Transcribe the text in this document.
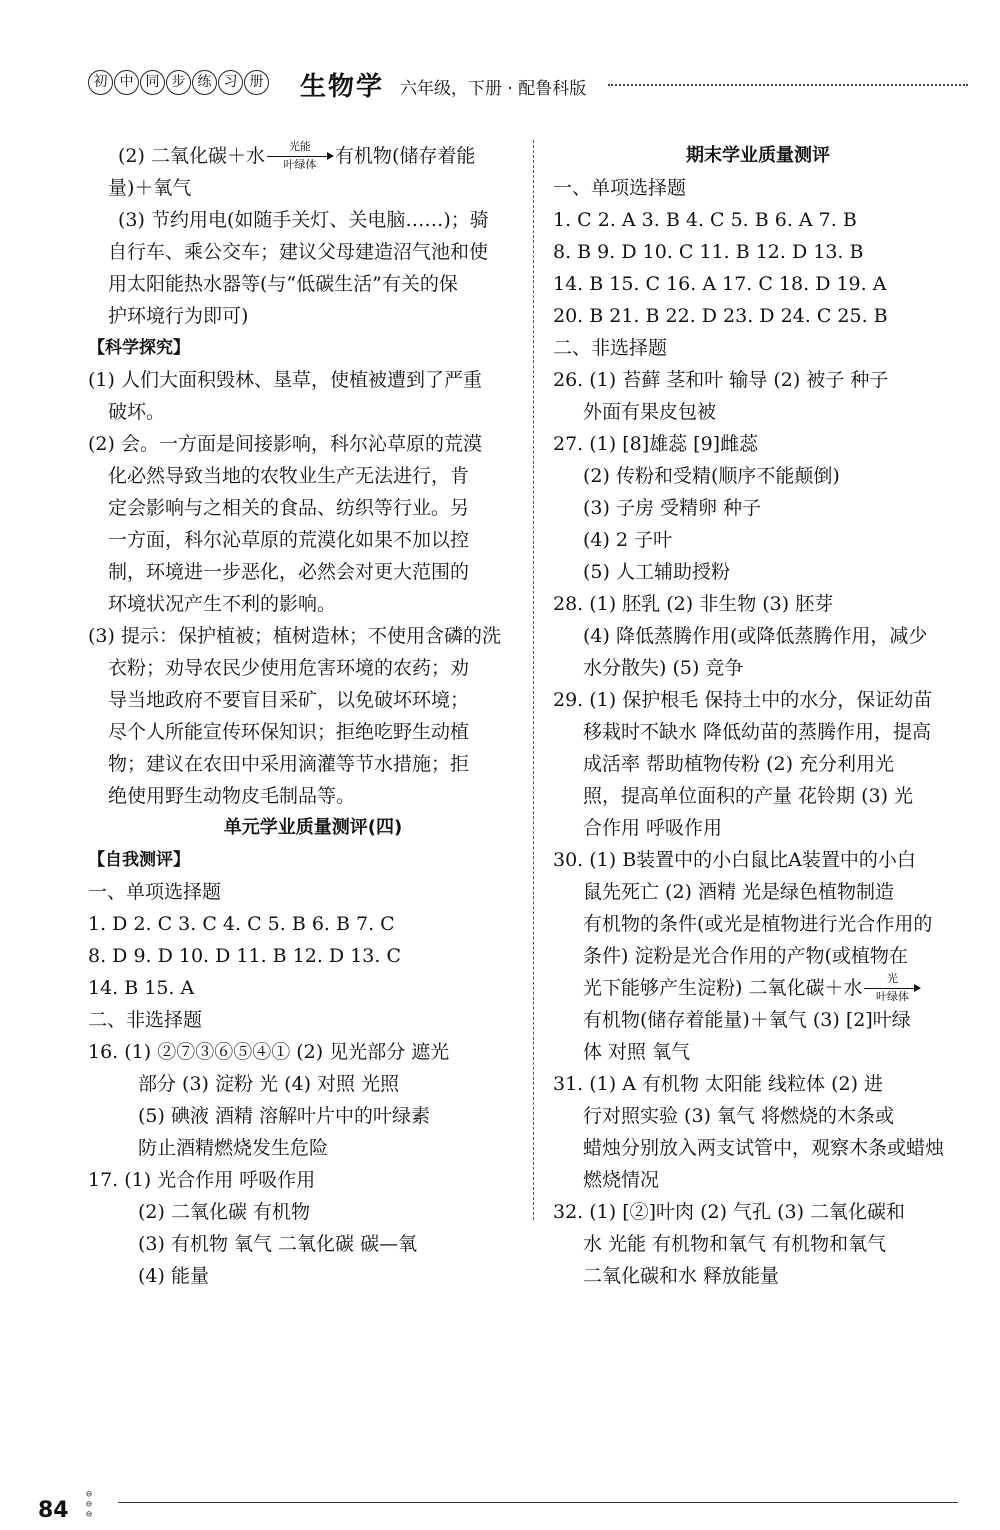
初 中 同 步 练 习 册 生物学 六年级，下册 · 配鲁科版
(2) 二氧化碳＋水	光能
叶绿体 有机物(储存着能
量)＋氧气
(3) 节约用电(如随手关灯、关电脑……)；骑
自行车、乘公交车；建议父母建造沼气池和使
用太阳能热水器等(与“低碳生活”有关的保
护环境行为即可)
【科学探究】
(1) 人们大面积毁林、垦草，使植被遭到了严重
破坏。
(2) 会。一方面是间接影响，科尔沁草原的荒漠
化必然导致当地的农牧业生产无法进行，肯
定会影响与之相关的食品、纺织等行业。另
一方面，科尔沁草原的荒漠化如果不加以控
制，环境进一步恶化，必然会对更大范围的
环境状况产生不利的影响。
(3) 提示：保护植被；植树造林；不使用含磷的洗
衣粉；劝导农民少使用危害环境的农药；劝
导当地政府不要盲目采矿，以免破坏环境；
尽个人所能宣传环保知识；拒绝吃野生动植
物；建议在农田中采用滴灌等节水措施；拒
绝使用野生动物皮毛制品等。
单元学业质量测评(四)
【自我测评】
一、单项选择题
1. D 2. C 3. C 4. C 5. B 6. B 7. C
8. D 9. D 10. D 11. B 12. D 13. C
14. B 15. A
二、非选择题
16. (1) ②⑦③⑥⑤④① (2) 见光部分 遮光
部分 (3) 淀粉 光 (4) 对照 光照
(5) 碘液 酒精 溶解叶片中的叶绿素
防止酒精燃烧发生危险
17. (1) 光合作用 呼吸作用
(2) 二氧化碳 有机物
(3) 有机物 氧气 二氧化碳 碳—氧
(4) 能量
期末学业质量测评
一、单项选择题
1. C 2. A 3. B 4. C 5. B 6. A 7. B
8. B 9. D 10. C 11. B 12. D 13. B
14. B 15. C 16. A 17. C 18. D 19. A
20. B 21. B 22. D 23. D 24. C 25. B
二、非选择题
26. (1) 苔藓 茎和叶 输导 (2) 被子 种子
外面有果皮包被
27. (1) [8]雄蕊 [9]雌蕊
(2) 传粉和受精(顺序不能颠倒)
(3) 子房 受精卵 种子
(4) 2 子叶
(5) 人工辅助授粉
28. (1) 胚乳 (2) 非生物 (3) 胚芽
(4) 降低蒸腾作用(或降低蒸腾作用，减少
水分散失) (5) 竞争
29. (1) 保护根毛 保持土中的水分，保证幼苗
移栽时不缺水 降低幼苗的蒸腾作用，提高
成活率 帮助植物传粉 (2) 充分利用光
照，提高单位面积的产量 花铃期 (3) 光
合作用 呼吸作用
30. (1) B装置中的小白鼠比A装置中的小白
鼠先死亡 (2) 酒精 光是绿色植物制造
有机物的条件(或光是植物进行光合作用的
条件) 淀粉是光合作用的产物(或植物在
光下能够产生淀粉) 二氧化碳＋水	光
叶绿体
有机物(储存着能量)＋氧气 (3) [2]叶绿
体 对照 氧气
31. (1) A 有机物 太阳能 线粒体 (2) 进
行对照实验 (3) 氧气 将燃烧的木条或
蜡烛分别放入两支试管中，观察木条或蜡烛
燃烧情况
32. (1) [②]叶肉 (2) 气孔 (3) 二氧化碳和
水 光能 有机物和氧气 有机物和氧气
二氧化碳和水 释放能量
84
⊖
⊖
⊖
